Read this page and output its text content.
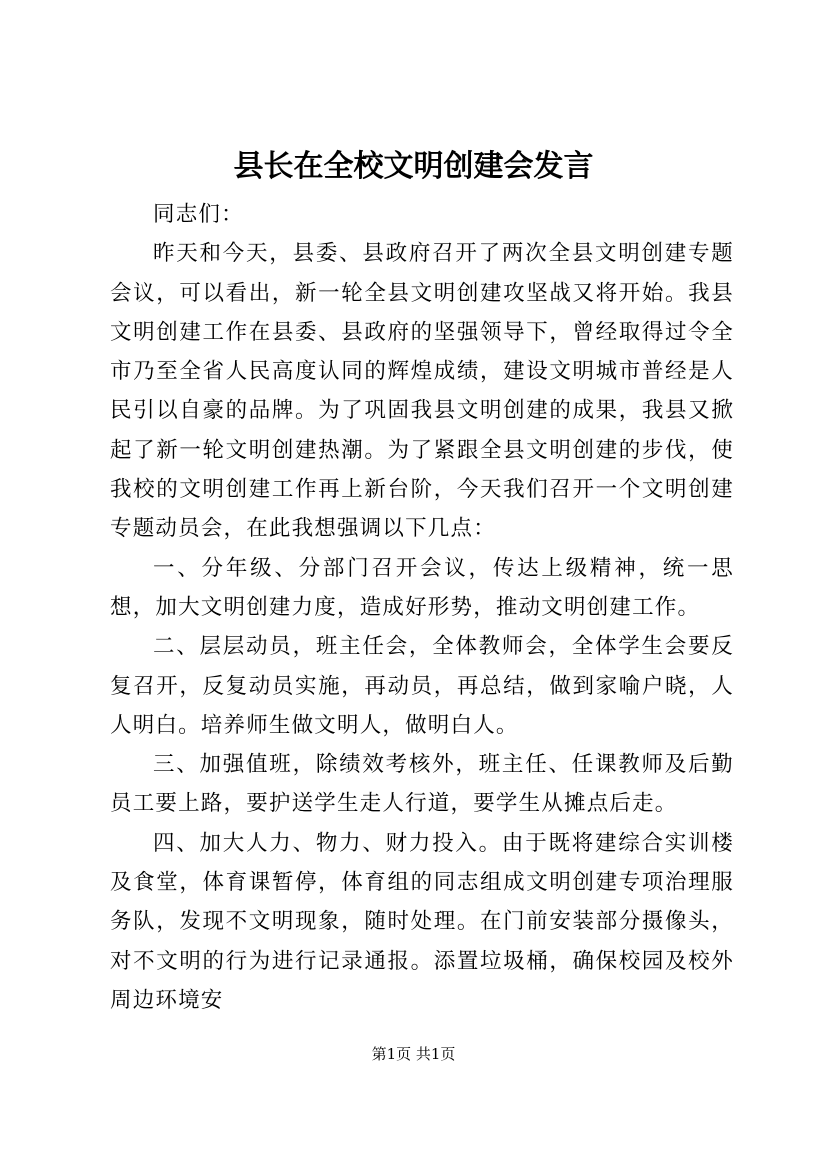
县长在全校文明创建会发言

同志们：

昨天和今天，县委、县政府召开了两次全县文明创建专题会议，可以看出，新一轮全县文明创建攻坚战又将开始。我县文明创建工作在县委、县政府的坚强领导下，曾经取得过令全市乃至全省人民高度认同的辉煌成绩，建设文明城市普经是人民引以自豪的品牌。为了巩固我县文明创建的成果，我县又掀起了新一轮文明创建热潮。为了紧跟全县文明创建的步伐，使我校的文明创建工作再上新台阶，今天我们召开一个文明创建专题动员会，在此我想强调以下几点：

一、分年级、分部门召开会议，传达上级精神，统一思想，加大文明创建力度，造成好形势，推动文明创建工作。

二、层层动员，班主任会，全体教师会，全体学生会要反复召开，反复动员实施，再动员，再总结，做到家喻户晓，人人明白。培养师生做文明人，做明白人。

三、加强值班，除绩效考核外，班主任、任课教师及后勤员工要上路，要护送学生走人行道，要学生从摊点后走。

四、加大人力、物力、财力投入。由于既将建综合实训楼及食堂，体育课暂停，体育组的同志组成文明创建专项治理服务队，发现不文明现象，随时处理。在门前安装部分摄像头，对不文明的行为进行记录通报。添置垃圾桶，确保校园及校外周边环境安

第1页 共1页
